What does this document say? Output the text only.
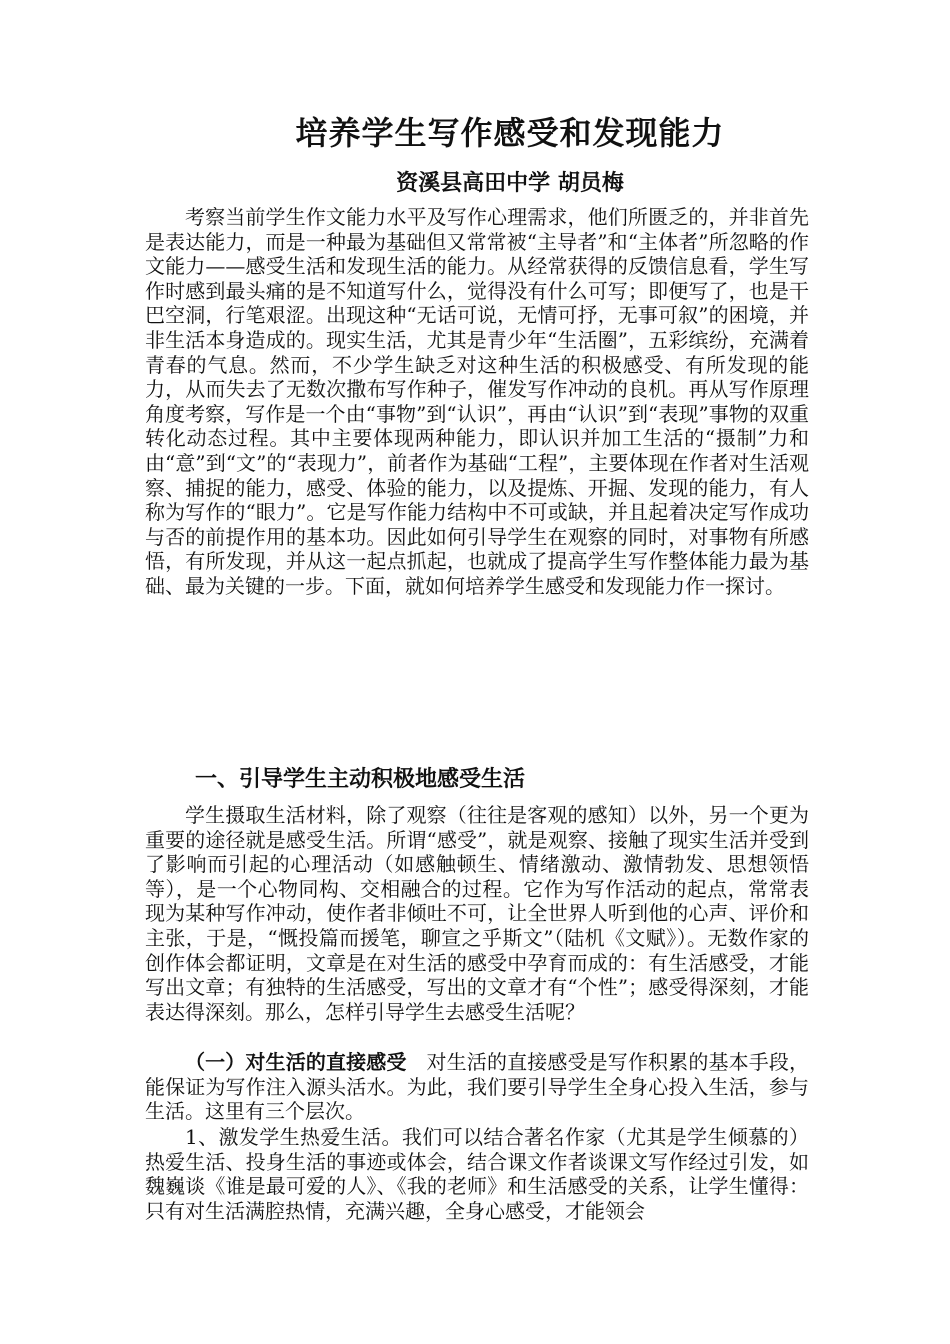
培养学生写作感受和发现能力
资溪县高田中学 胡员梅

考察当前学生作文能力水平及写作心理需求，他们所匮乏的，并非首先是表达能力，而是一种最为基础但又常常被“主导者”和“主体者”所忽略的作文能力——感受生活和发现生活的能力。从经常获得的反馈信息看，学生写作时感到最头痛的是不知道写什么，觉得没有什么可写；即便写了，也是干巴空洞，行笔艰涩。出现这种“无话可说，无情可抒，无事可叙”的困境，并非生活本身造成的。现实生活，尤其是青少年“生活圈”，五彩缤纷，充满着青春的气息。然而，不少学生缺乏对这种生活的积极感受、有所发现的能力，从而失去了无数次撒布写作种子，催发写作冲动的良机。再从写作原理角度考察，写作是一个由“事物”到“认识”，再由“认识”到“表现”事物的双重转化动态过程。其中主要体现两种能力，即认识并加工生活的“摄制”力和由“意”到“文”的“表现力”，前者作为基础“工程”，主要体现在作者对生活观察、捕捉的能力，感受、体验的能力，以及提炼、开掘、发现的能力，有人称为写作的“眼力”。它是写作能力结构中不可或缺，并且起着决定写作成功与否的前提作用的基本功。因此如何引导学生在观察的同时，对事物有所感悟，有所发现，并从这一起点抓起，也就成了提高学生写作整体能力最为基础、最为关键的一步。下面，就如何培养学生感受和发现能力作一探讨。

一、引导学生主动积极地感受生活

学生摄取生活材料，除了观察（往往是客观的感知）以外，另一个更为重要的途径就是感受生活。所谓“感受”，就是观察、接触了现实生活并受到了影响而引起的心理活动（如感触顿生、情绪激动、激情勃发、思想领悟等），是一个心物同构、交相融合的过程。它作为写作活动的起点，常常表现为某种写作冲动，使作者非倾吐不可，让全世界人听到他的心声、评价和主张，于是，“慨投篇而援笔，聊宣之乎斯文”（陆机《文赋》）。无数作家的创作体会都证明，文章是在对生活的感受中孕育而成的：有生活感受，才能写出文章；有独特的生活感受，写出的文章才有“个性”；感受得深刻，才能表达得深刻。那么，怎样引导学生去感受生活呢？

（一）对生活的直接感受 对生活的直接感受是写作积累的基本手段，能保证为写作注入源头活水。为此，我们要引导学生全身心投入生活，参与生活。这里有三个层次。

1、激发学生热爱生活。我们可以结合著名作家（尤其是学生倾慕的）热爱生活、投身生活的事迹或体会，结合课文作者谈课文写作经过引发，如魏巍谈《谁是最可爱的人》、《我的老师》和生活感受的关系，让学生懂得：只有对生活满腔热情，充满兴趣，全身心感受，才能领会
